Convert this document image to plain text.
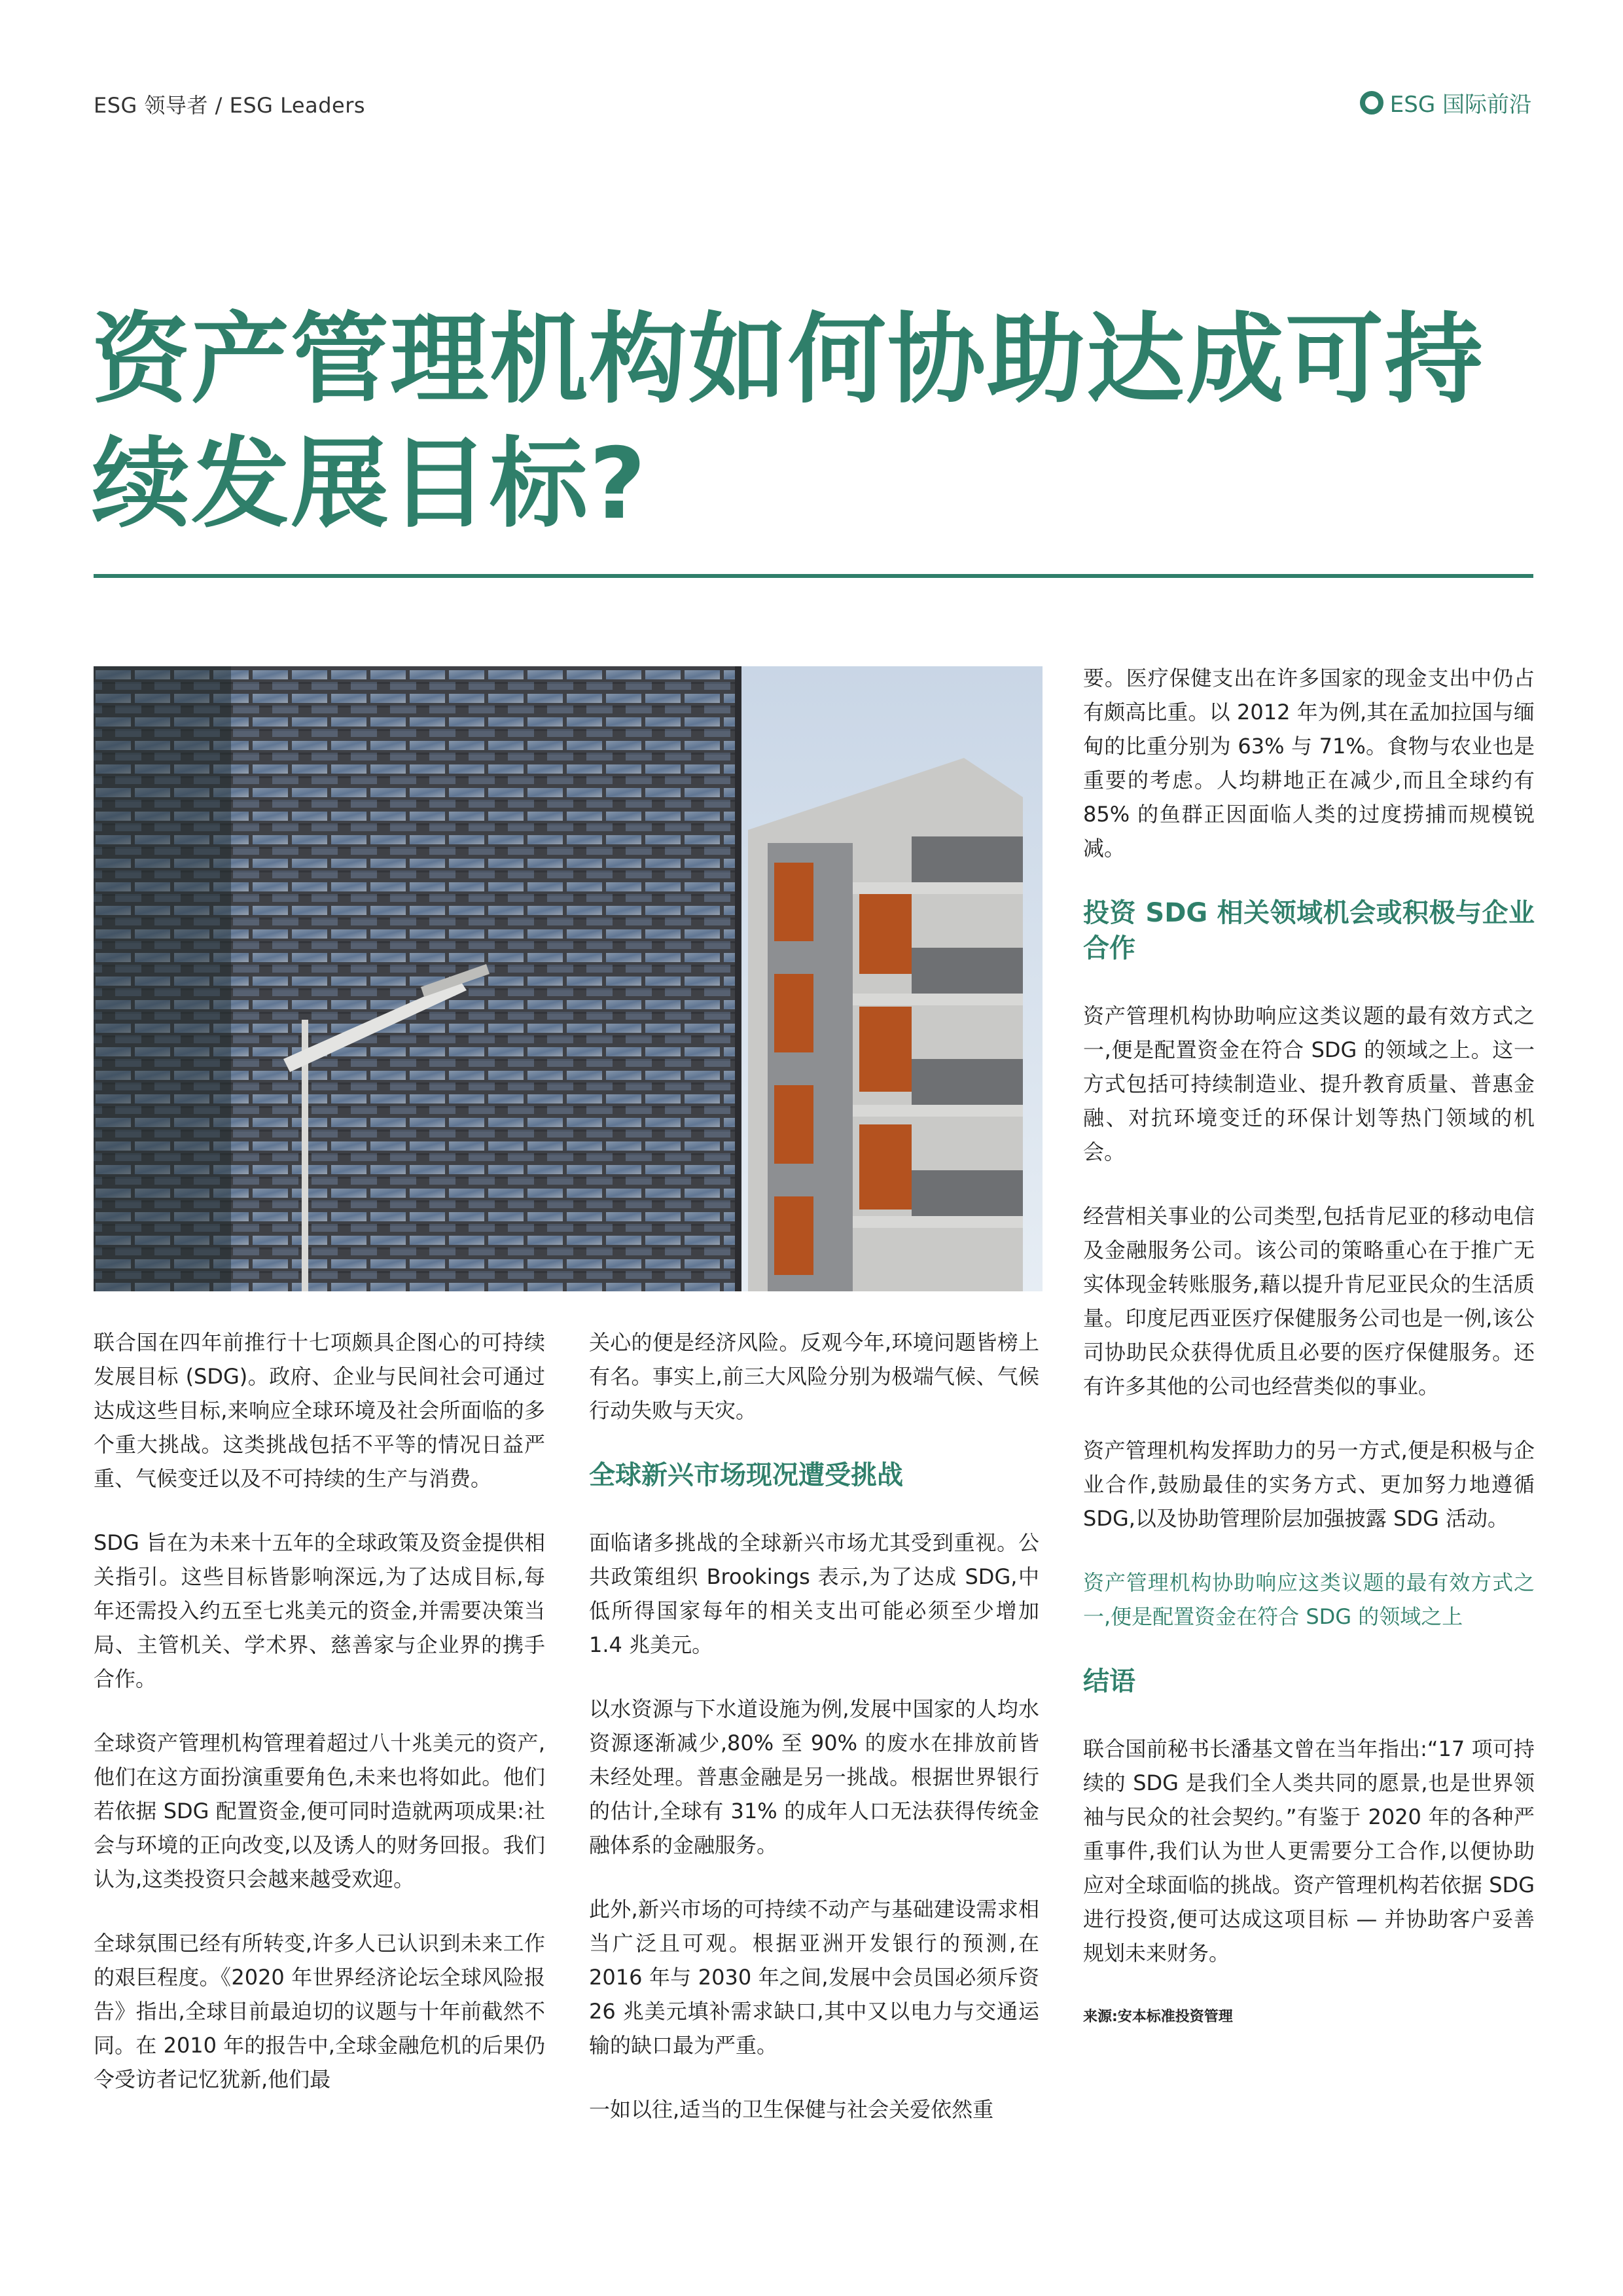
ESG 领导者 / ESG Leaders	ESG 国际前沿
资产管理机构如何协助达成可持续发展目标?

联合国在四年前推行十七项颇具企图心的可持续发展目标 (SDG)。政府、企业与民间社会可通过达成这些目标,来响应全球环境及社会所面临的多个重大挑战。这类挑战包括不平等的情况日益严重、气候变迁以及不可持续的生产与消费。

SDG 旨在为未来十五年的全球政策及资金提供相关指引。这些目标皆影响深远,为了达成目标,每年还需投入约五至七兆美元的资金,并需要决策当局、主管机关、学术界、慈善家与企业界的携手合作。

全球资产管理机构管理着超过八十兆美元的资产,他们在这方面扮演重要角色,未来也将如此。他们若依据 SDG 配置资金,便可同时造就两项成果:社会与环境的正向改变,以及诱人的财务回报。我们认为,这类投资只会越来越受欢迎。

全球氛围已经有所转变,许多人已认识到未来工作的艰巨程度。《2020 年世界经济论坛全球风险报告》指出,全球目前最迫切的议题与十年前截然不同。在 2010 年的报告中,全球金融危机的后果仍令受访者记忆犹新,他们最

关心的便是经济风险。反观今年,环境问题皆榜上有名。事实上,前三大风险分别为极端气候、气候行动失败与天灾。

全球新兴市场现况遭受挑战

面临诸多挑战的全球新兴市场尤其受到重视。公共政策组织 Brookings 表示,为了达成 SDG,中低所得国家每年的相关支出可能必须至少增加 1.4 兆美元。

以水资源与下水道设施为例,发展中国家的人均水资源逐渐减少,80% 至 90% 的废水在排放前皆未经处理。普惠金融是另一挑战。根据世界银行的估计,全球有 31% 的成年人口无法获得传统金融体系的金融服务。

此外,新兴市场的可持续不动产与基础建设需求相当广泛且可观。根据亚洲开发银行的预测,在 2016 年与 2030 年之间,发展中会员国必须斥资 26 兆美元填补需求缺口,其中又以电力与交通运输的缺口最为严重。

一如以往,适当的卫生保健与社会关爱依然重

要。医疗保健支出在许多国家的现金支出中仍占有颇高比重。以 2012 年为例,其在孟加拉国与缅甸的比重分别为 63% 与 71%。食物与农业也是重要的考虑。人均耕地正在减少,而且全球约有 85% 的鱼群正因面临人类的过度捞捕而规模锐减。

投资 SDG 相关领域机会或积极与企业合作

资产管理机构协助响应这类议题的最有效方式之一,便是配置资金在符合 SDG 的领域之上。这一方式包括可持续制造业、提升教育质量、普惠金融、对抗环境变迁的环保计划等热门领域的机会。

经营相关事业的公司类型,包括肯尼亚的移动电信及金融服务公司。该公司的策略重心在于推广无实体现金转账服务,藉以提升肯尼亚民众的生活质量。印度尼西亚医疗保健服务公司也是一例,该公司协助民众获得优质且必要的医疗保健服务。还有许多其他的公司也经营类似的事业。

资产管理机构发挥助力的另一方式,便是积极与企业合作,鼓励最佳的实务方式、更加努力地遵循 SDG,以及协助管理阶层加强披露 SDG 活动。

资产管理机构协助响应这类议题的最有效方式之一,便是配置资金在符合 SDG 的领域之上

结语

联合国前秘书长潘基文曾在当年指出:“17 项可持续的 SDG 是我们全人类共同的愿景,也是世界领袖与民众的社会契约。”有鉴于 2020 年的各种严重事件,我们认为世人更需要分工合作,以便协助应对全球面临的挑战。资产管理机构若依据 SDG 进行投资,便可达成这项目标 — 并协助客户妥善规划未来财务。

来源:安本标准投资管理
